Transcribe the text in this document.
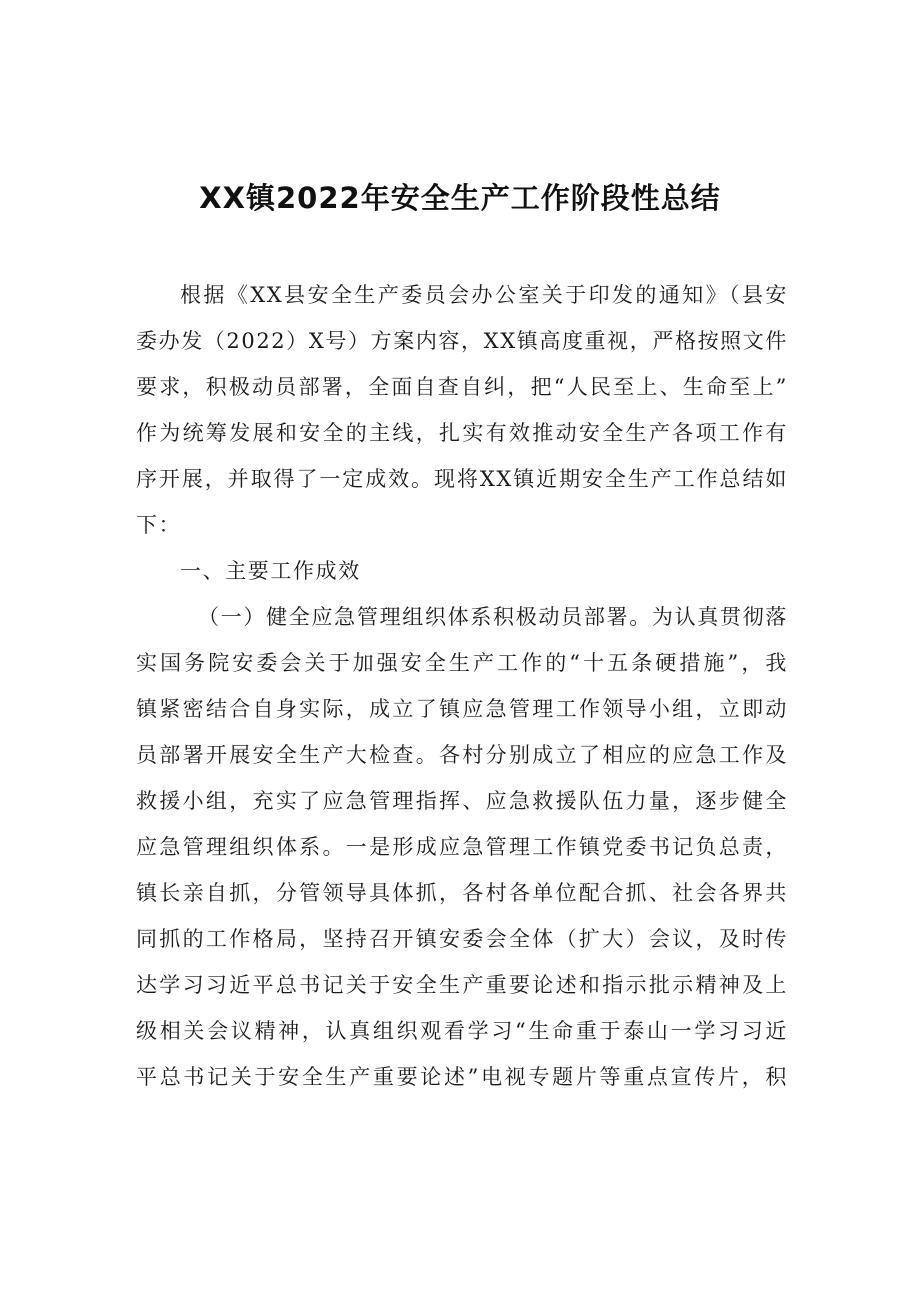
XX镇2022年安全生产工作阶段性总结
根据《XX县安全生产委员会办公室关于印发的通知》（县安
委办发（2022）X号）方案内容，XX镇高度重视，严格按照文件
要求，积极动员部署，全面自查自纠，把“人民至上、生命至上”
作为统筹发展和安全的主线，扎实有效推动安全生产各项工作有
序开展，并取得了一定成效。现将XX镇近期安全生产工作总结如
下：
一、主要工作成效
（一）健全应急管理组织体系积极动员部署。为认真贯彻落
实国务院安委会关于加强安全生产工作的“十五条硬措施”，我
镇紧密结合自身实际，成立了镇应急管理工作领导小组，立即动
员部署开展安全生产大检查。各村分别成立了相应的应急工作及
救援小组，充实了应急管理指挥、应急救援队伍力量，逐步健全
应急管理组织体系。一是形成应急管理工作镇党委书记负总责，
镇长亲自抓，分管领导具体抓，各村各单位配合抓、社会各界共
同抓的工作格局，坚持召开镇安委会全体（扩大）会议，及时传
达学习习近平总书记关于安全生产重要论述和指示批示精神及上
级相关会议精神，认真组织观看学习“生命重于泰山一学习习近
平总书记关于安全生产重要论述”电视专题片等重点宣传片，积
